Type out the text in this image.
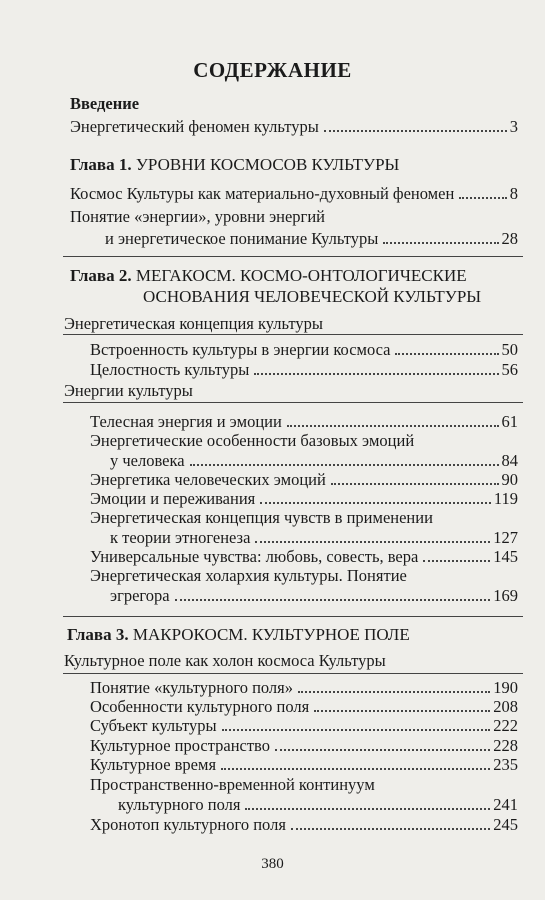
СОДЕРЖАНИЕ
Введение
Энергетический феномен культуры	3
Глава 1. УРОВНИ КОСМОСОВ КУЛЬТУРЫ
Космос Культуры как материально-духовный феномен	8
Понятие «энергии», уровни энергий
и энергетическое понимание Культуры	28
Глава 2. МЕГАКОСМ. КОСМО-ОНТОЛОГИЧЕСКИЕ
ОСНОВАНИЯ ЧЕЛОВЕЧЕСКОЙ КУЛЬТУРЫ
Энергетическая концепция культуры
Встроенность культуры в энергии космоса	50
Целостность культуры	56
Энергии культуры
Телесная энергия и эмоции	61
Энергетические особенности базовых эмоций
у человека	84
Энергетика человеческих эмоций	90
Эмоции и переживания	119
Энергетическая концепция чувств в применении
к теории этногенеза	127
Универсальные чувства: любовь, совесть, вера	145
Энергетическая холархия культуры. Понятие
эгрегора	169
Глава 3. МАКРОКОСМ. КУЛЬТУРНОЕ ПОЛЕ
Культурное поле как холон космоса Культуры
Понятие «культурного поля»	190
Особенности культурного поля	208
Субъект культуры	222
Культурное пространство	228
Культурное время	235
Пространственно-временной континуум
культурного поля	241
Хронотоп культурного поля	245
380
